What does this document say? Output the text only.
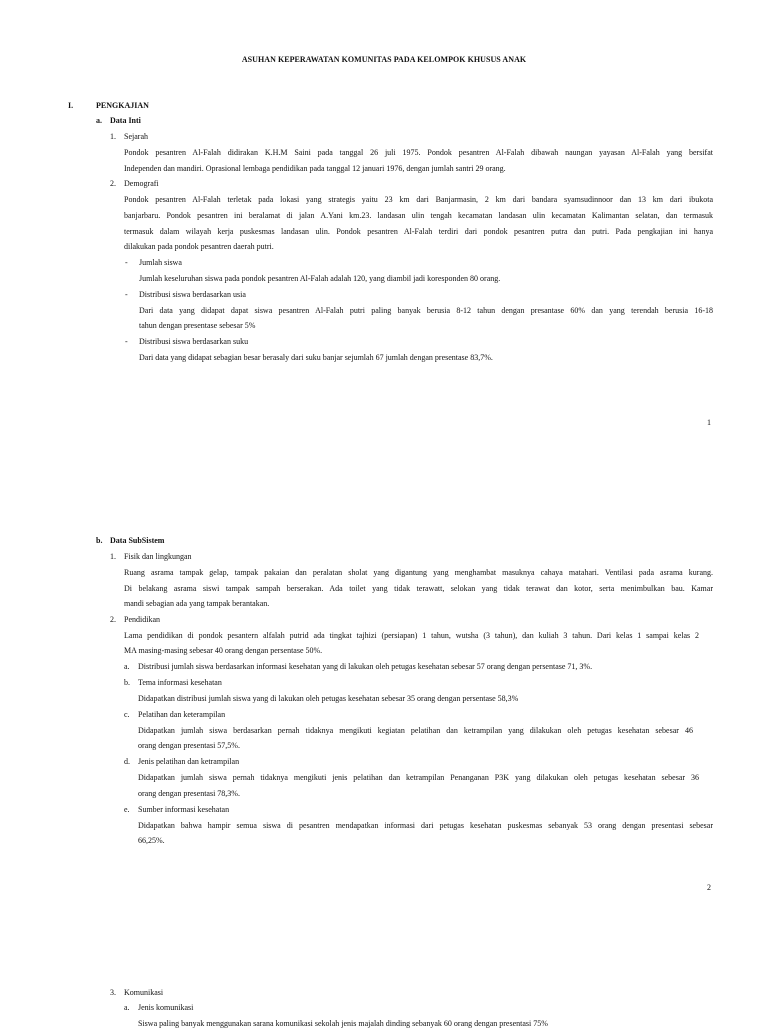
ASUHAN KEPERAWATAN KOMUNITAS PADA KELOMPOK KHUSUS ANAK
I.	PENGKAJIAN
a. Data Inti
1. Sejarah
Pondok pesantren Al-Falah didirakan K.H.M Saini pada tanggal 26 juli 1975. Pondok pesantren Al-Falah dibawah naungan yayasan Al-Falah yang bersifat
Independen dan mandiri. Oprasional lembaga pendidikan pada tanggal 12 januari 1976, dengan jumlah santri 29 orang.
2. Demografi
Pondok pesantren Al-Falah terletak pada lokasi yang strategis yaitu 23 km dari Banjarmasin, 2 km dari bandara syamsudinnoor dan 13 km dari ibukota
banjarbaru. Pondok pesantren ini beralamat di jalan A.Yani km.23. landasan ulin tengah kecamatan landasan ulin kecamatan Kalimantan selatan, dan termasuk
termasuk dalam wilayah kerja puskesmas landasan ulin. Pondok pesantren Al-Falah terdiri dari pondok pesantren putra dan putri. Pada pengkajian ini hanya
dilakukan pada pondok pesantren daerah putri.
- Jumlah siswa
Jumlah keseluruhan siswa pada pondok pesantren Al-Falah adalah 120, yang diambil jadi koresponden 80 orang.
- Distribusi siswa berdasarkan usia
Dari data yang didapat dapat siswa pesantren Al-Falah putri paling banyak berusia 8-12 tahun dengan presantase 60% dan yang terendah berusia 16-18
tahun dengan presentase sebesar 5%
- Distribusi siswa berdasarkan suku
Dari data yang didapat sebagian besar berasaly dari suku banjar sejumlah 67 jumlah dengan presentase 83,7%.
1
b. Data SubSistem
1. Fisik dan lingkungan
Ruang asrama tampak gelap, tampak pakaian dan peralatan sholat yang digantung yang menghambat masuknya cahaya matahari. Ventilasi pada asrama kurang.
Di belakang asrama siswi tampak sampah berserakan. Ada toilet yang tidak terawatt, selokan yang tidak terawat dan kotor, serta menimbulkan bau. Kamar
mandi sebagian ada yang tampak berantakan.
2. Pendidikan
Lama pendidikan di pondok pesantern alfalah putrid ada tingkat tajhizi (persiapan) 1 tahun, wutsha (3 tahun), dan kuliah 3 tahun. Dari kelas 1 sampai kelas 2
MA masing-masing sebesar 40 orang dengan persentase 50%.
a. Distribusi jumlah siswa berdasarkan informasi kesehatan yang di lakukan oleh petugas kesehatan sebesar 57 orang dengan persentase 71, 3%.
b. Tema informasi kesehatan
Didapatkan distribusi jumlah siswa yang di lakukan oleh petugas kesehatan sebesar 35 orang dengan persentase 58,3%
c. Pelatihan dan keterampilan
Didapatkan jumlah siswa berdasarkan pernah tidaknya mengikuti kegiatan pelatihan dan ketrampilan yang dilakukan oleh petugas kesehatan sebesar 46
orang dengan presentasi 57,5%.
d. Jenis pelatihan dan ketrampilan
Didapatkan jumlah siswa pernah tidaknya mengikuti jenis pelatihan dan ketrampilan Penanganan P3K yang dilakukan oleh petugas kesehatan sebesar 36
orang dengan presentasi 78,3%.
e. Sumber informasi kesehatan
Didapatkan bahwa hampir semua siswa di pesantren mendapatkan informasi dari petugas kesehatan puskesmas sebanyak 53 orang dengan presentasi sebesar
66,25%.
2
3. Komunikasi
a. Jenis komunikasi
Siswa paling banyak menggunakan sarana komunikasi sekolah jenis majalah dinding sebanyak 60 orang dengan presentasi 75%
